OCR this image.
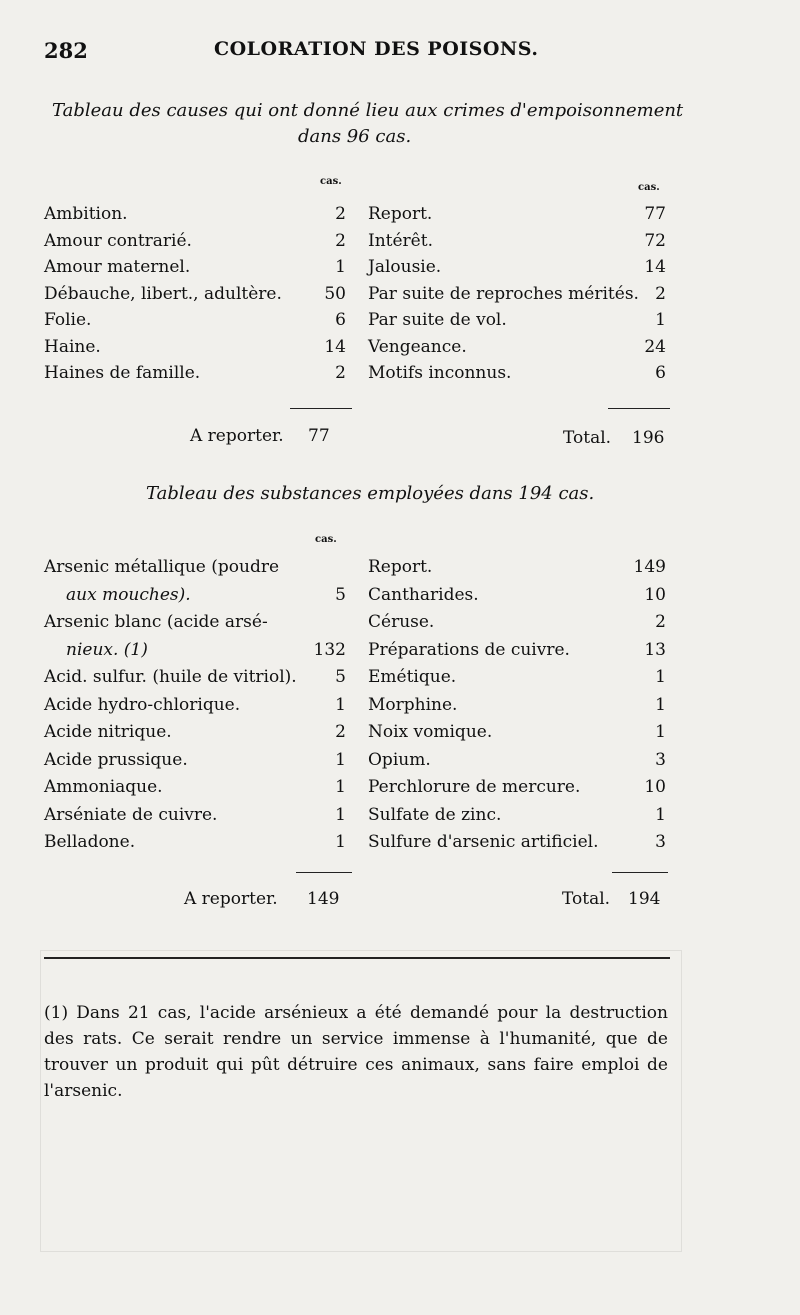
282	COLORATION DES POISONS.
Tableau des causes qui ont donné lieu aux crimes d'empoisonnement
dans 96 cas.
cas.
cas.
Ambition.	2
Amour contrarié.	2
Amour maternel.	1
Débauche, libert., adultère.	50
Folie.	6
Haine.	14
Haines de famille.	2
Report.	77
Intérêt.	72
Jalousie.	14
Par suite de reproches mérités. 2
Par suite de vol.	1
Vengeance.	24
Motifs inconnus.	6
A reporter. 77	Total. 196
Tableau des substances employées dans 194 cas.
cas.
Arsenic métallique (poudre
aux mouches).	5
Arsenic blanc (acide arsé-
nieux. (1)	132
Acid. sulfur. (huile de vitriol).	5
Acide hydro-chlorique.	1
Acide nitrique.	2
Acide prussique.	1
Ammoniaque.	1
Arséniate de cuivre.	1
Belladone.	1
Report.	149
Cantharides.	10
Céruse.	2
Préparations de cuivre.	13
Emétique.	1
Morphine.	1
Noix vomique.	1
Opium.	3
Perchlorure de mercure.	10
Sulfate de zinc.	1
Sulfure d'arsenic artificiel.	3
A reporter. 149	Total. 194
(1) Dans 21 cas, l'acide arsénieux a été demandé pour la destruction des rats. Ce serait rendre un service immense à l'humanité, que de trouver un produit qui pût détruire ces animaux, sans faire emploi de l'arsenic.
